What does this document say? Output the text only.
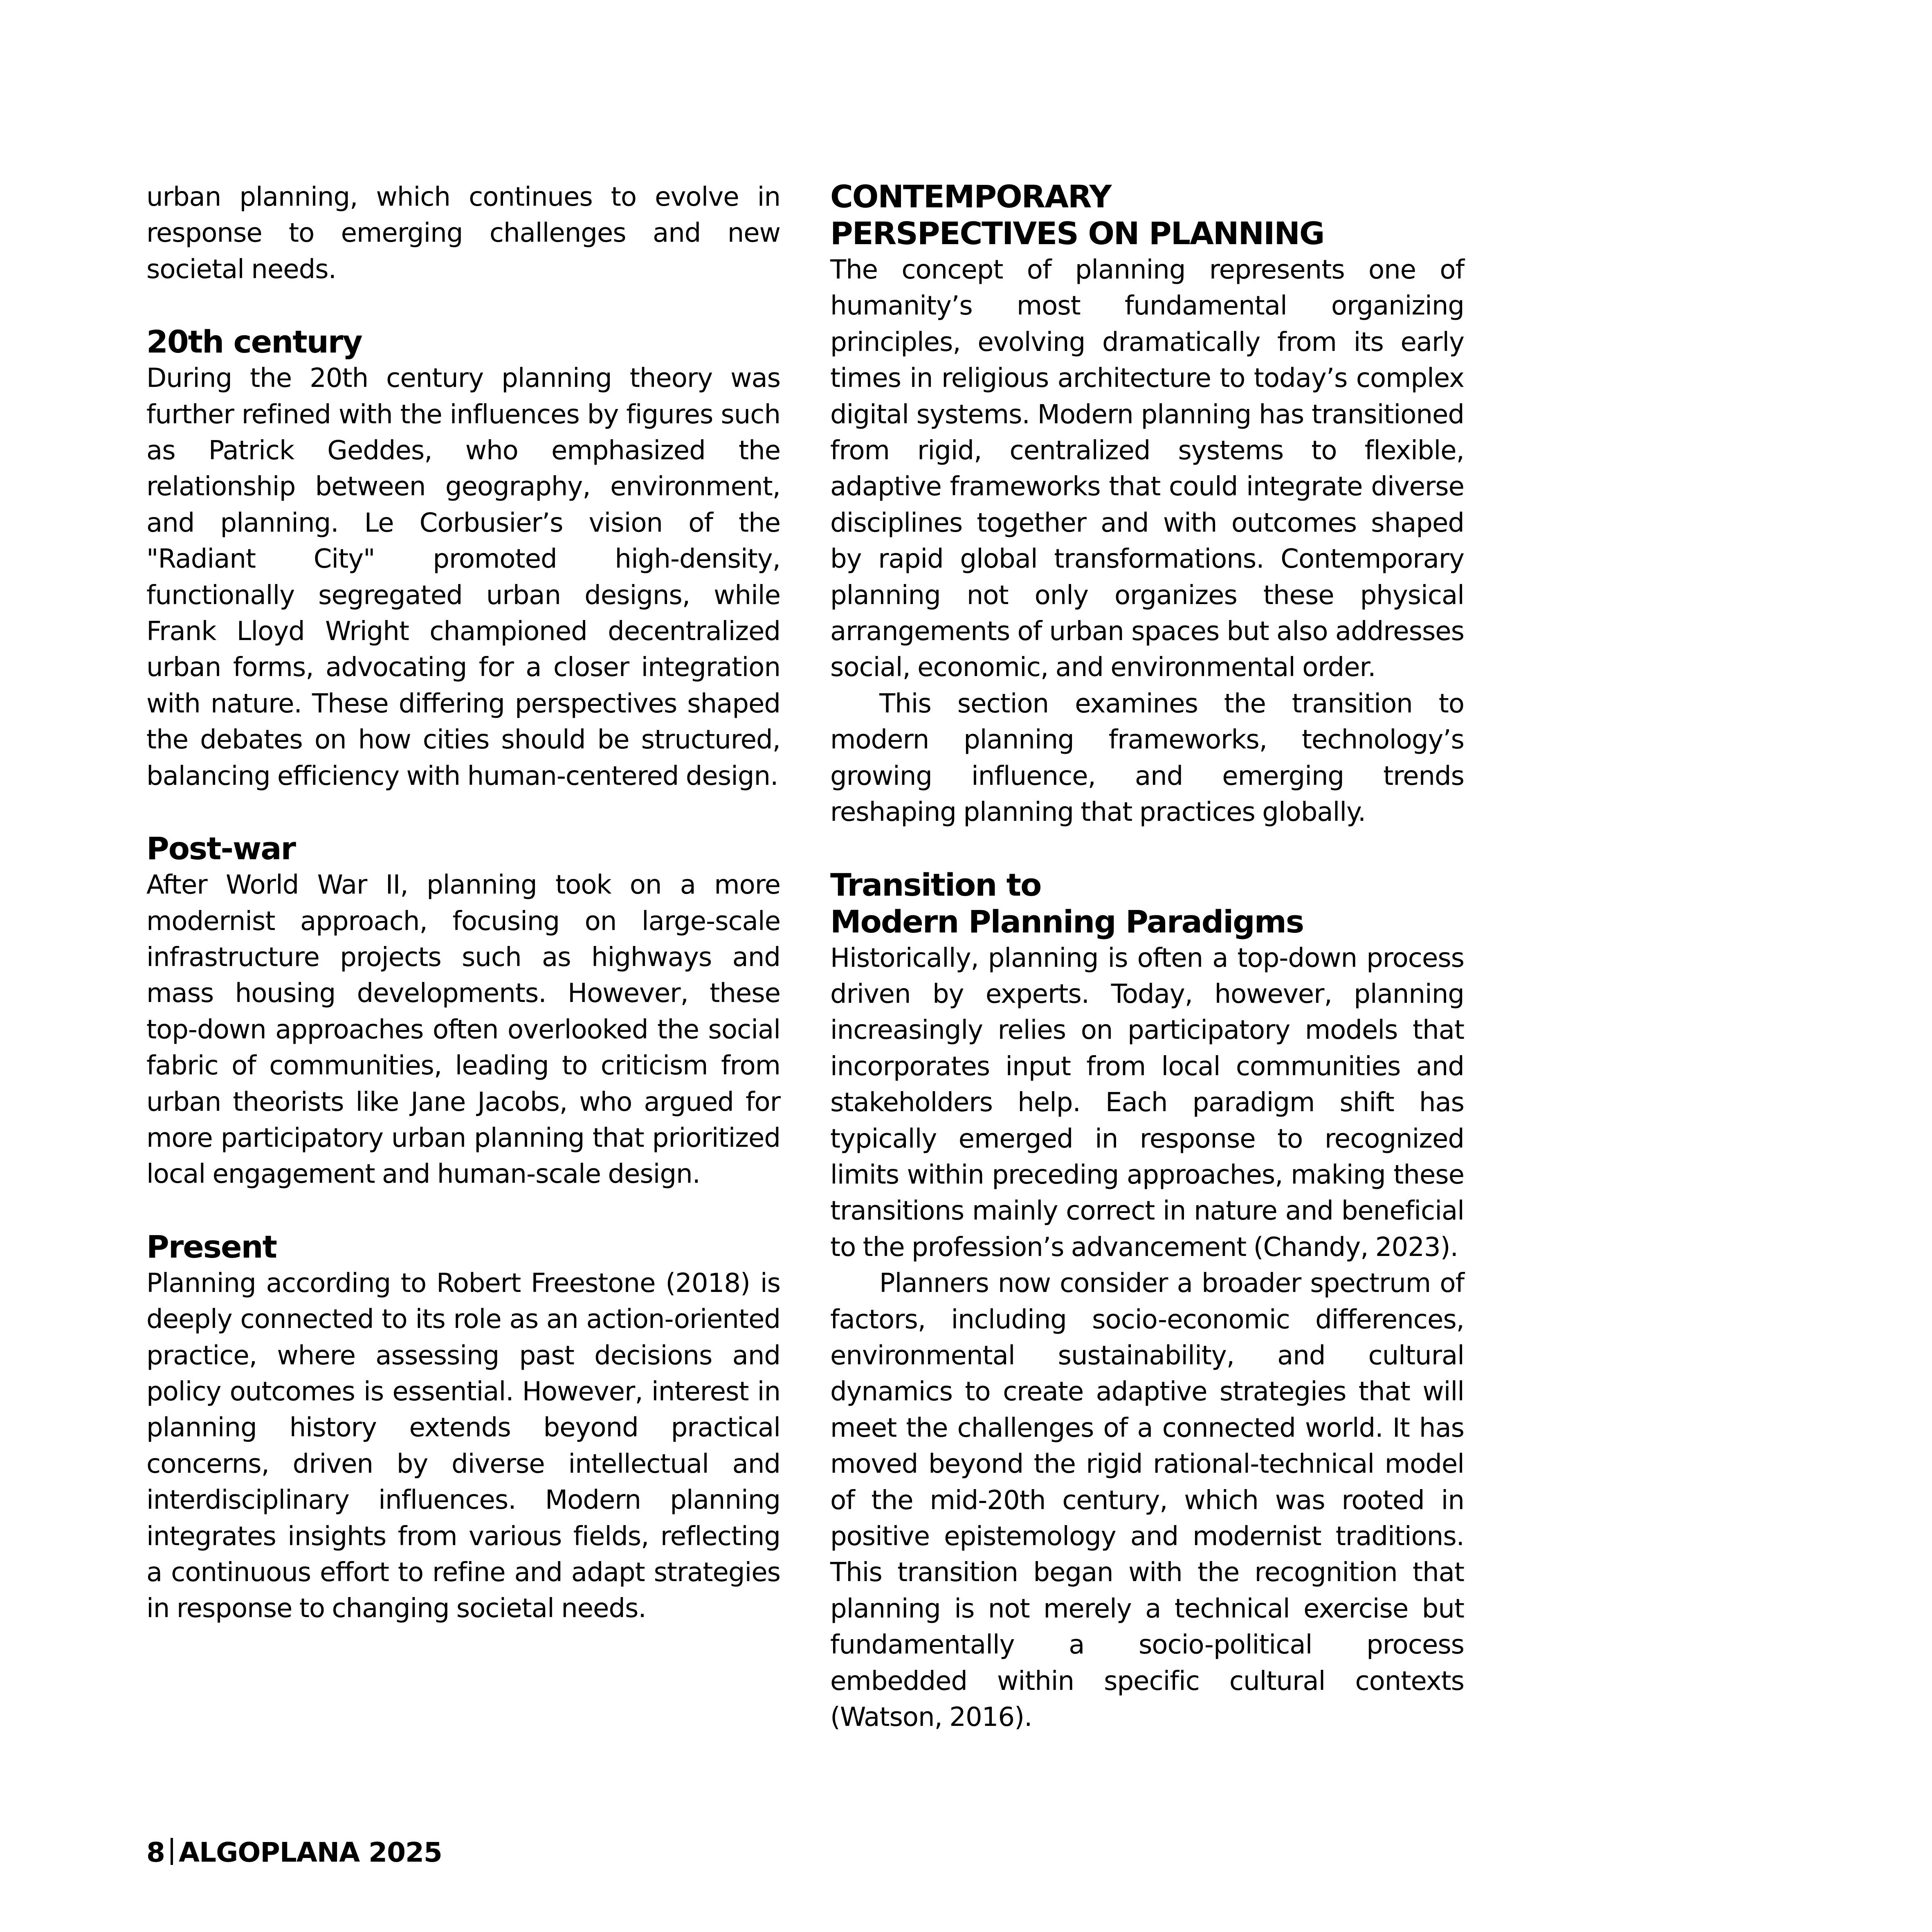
urban planning, which continues to evolve in response to emerging challenges and new societal needs.

20th century

During the 20th century planning theory was further refined with the influences by figures such as Patrick Geddes, who emphasized the relationship between geography, environment, and planning. Le Corbusier’s vision of the "Radiant City" promoted high-density, functionally segregated urban designs, while Frank Lloyd Wright championed decentralized urban forms, advocating for a closer integration with nature. These differing perspectives shaped the debates on how cities should be structured, balancing efficiency with human-centered design.

Post-war

After World War II, planning took on a more modernist approach, focusing on large-scale infrastructure projects such as highways and mass housing developments. However, these top-down approaches often overlooked the social fabric of communities, leading to criticism from urban theorists like Jane Jacobs, who argued for more participatory urban planning that prioritized local engagement and human-scale design.

Present

Planning according to Robert Freestone (2018) is deeply connected to its role as an action-oriented practice, where assessing past decisions and policy outcomes is essential. However, interest in planning history extends beyond practical concerns, driven by diverse intellectual and interdisciplinary influences. Modern planning integrates insights from various fields, reflecting a continuous effort to refine and adapt strategies in response to changing societal needs.

CONTEMPORARY
PERSPECTIVES ON PLANNING

The concept of planning represents one of humanity’s most fundamental organizing principles, evolving dramatically from its early times in religious architecture to today’s complex digital systems. Modern planning has transitioned from rigid, centralized systems to flexible, adaptive frameworks that could integrate diverse disciplines together and with outcomes shaped by rapid global transformations. Contemporary planning not only organizes these physical arrangements of urban spaces but also addresses social, economic, and environmental order.

This section examines the transition to modern planning frameworks, technology’s growing influence, and emerging trends reshaping planning that practices globally.

Transition to
Modern Planning Paradigms

Historically, planning is often a top-down process driven by experts. Today, however, planning increasingly relies on participatory models that incorporates input from local communities and stakeholders help. Each paradigm shift has typically emerged in response to recognized limits within preceding approaches, making these transitions mainly correct in nature and beneficial to the profession’s advancement (Chandy, 2023).

Planners now consider a broader spectrum of factors, including socio-economic differences, environmental sustainability, and cultural dynamics to create adaptive strategies that will meet the challenges of a connected world. It has moved beyond the rigid rational-technical model of the mid-20th century, which was rooted in positive epistemology and modernist traditions. This transition began with the recognition that planning is not merely a technical exercise but fundamentally a socio-political process embedded within specific cultural contexts (Watson, 2016).

8 ALGOPLANA 2025
